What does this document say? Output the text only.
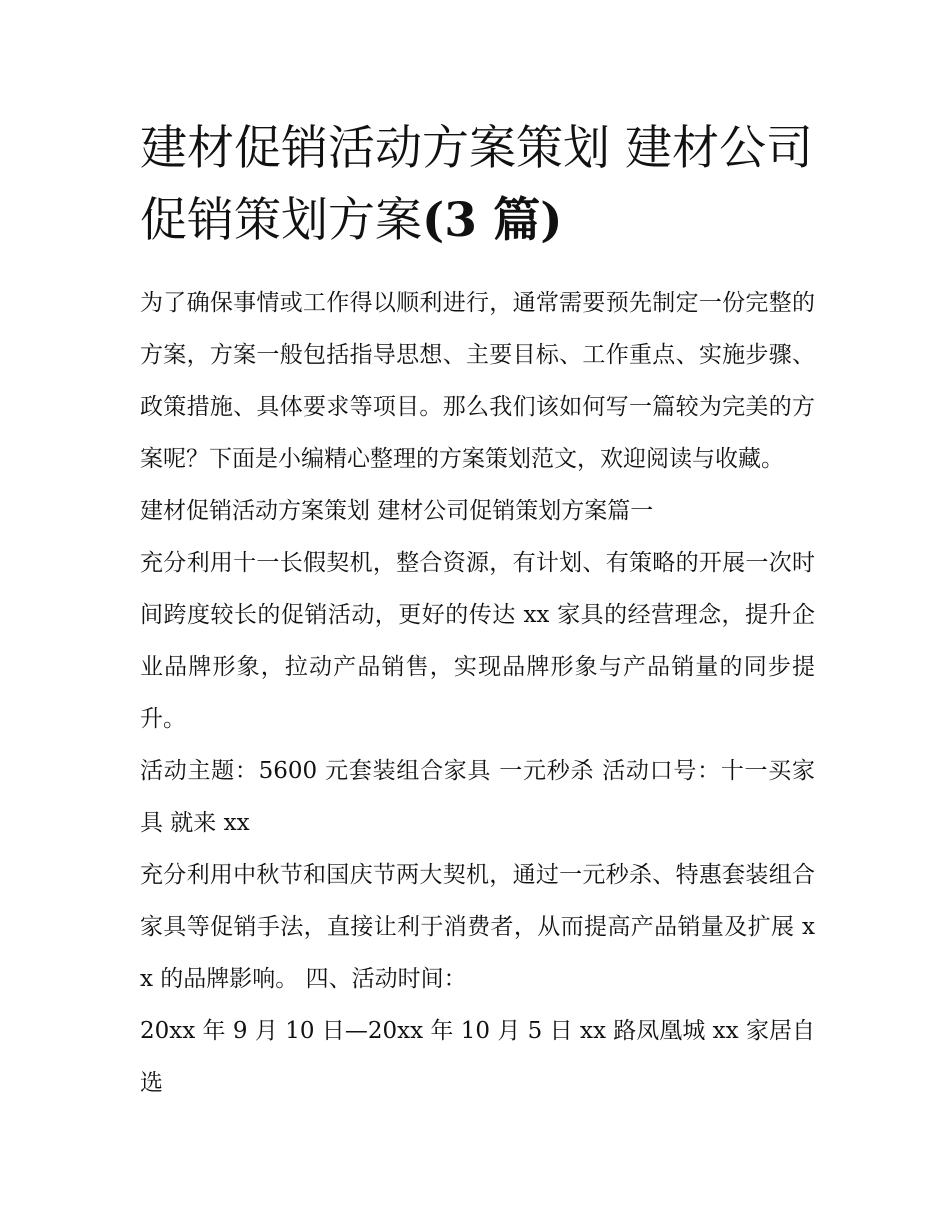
建材促销活动方案策划 建材公司促销策划方案(3 篇)

为了确保事情或工作得以顺利进行，通常需要预先制定一份完整的方案，方案一般包括指导思想、主要目标、工作重点、实施步骤、政策措施、具体要求等项目。那么我们该如何写一篇较为完美的方案呢？下面是小编精心整理的方案策划范文，欢迎阅读与收藏。

建材促销活动方案策划 建材公司促销策划方案篇一

充分利用十一长假契机，整合资源，有计划、有策略的开展一次时间跨度较长的促销活动，更好的传达 xx 家具的经营理念，提升企业品牌形象，拉动产品销售，实现品牌形象与产品销量的同步提升。

活动主题：5600 元套装组合家具 一元秒杀 活动口号：十一买家具 就来 xx

充分利用中秋节和国庆节两大契机，通过一元秒杀、特惠套装组合家具等促销手法，直接让利于消费者，从而提高产品销量及扩展 xx 的品牌影响。 四、活动时间：

20xx 年 9 月 10 日—20xx 年 10 月 5 日 xx 路凤凰城 xx 家居自选
